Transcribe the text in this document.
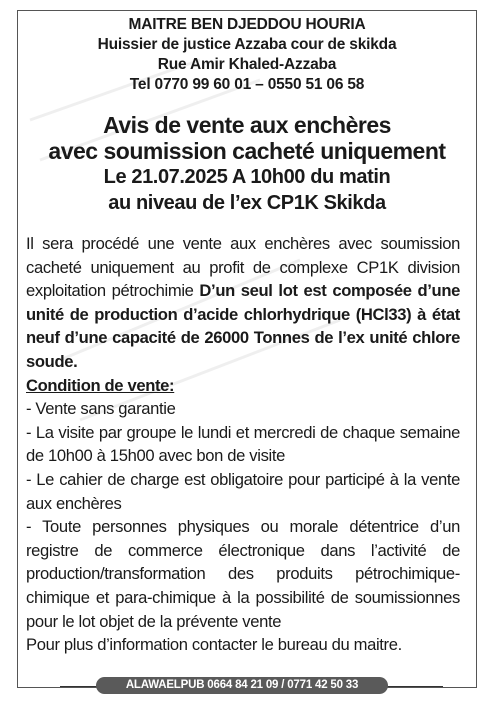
MAITRE BEN DJEDDOU HOURIA
Huissier de justice Azzaba cour de skikda
Rue Amir Khaled-Azzaba
Tel 0770 99 60 01 – 0550 51 06 58
Avis de vente aux enchères
avec soumission cacheté uniquement
Le 21.07.2025 A 10h00 du matin
au niveau de l’ex CP1K Skikda

Il sera procédé une vente aux enchères avec soumission cacheté uniquement au profit de complexe CP1K division exploitation pétrochimie D’un seul lot est composée d’une unité de production d’acide chlorhydrique (HCl33) à état neuf d’une capacité de 26000 Tonnes de l’ex unité chlore soude.

Condition de vente:

- Vente sans garantie

- La visite par groupe le lundi et mercredi de chaque semaine de 10h00 à 15h00 avec bon de visite

- Le cahier de charge est obligatoire pour participé à la vente aux enchères

- Toute personnes physiques ou morale détentrice d’un registre de commerce électronique dans l’activité de production/transformation des produits pétrochimique-chimique et para-chimique à la possibilité de soumissionnes pour le lot objet de la prévente vente

Pour plus d’information contacter le bureau du maitre.

ALAWAELPUB 0664 84 21 09 / 0771 42 50 33
